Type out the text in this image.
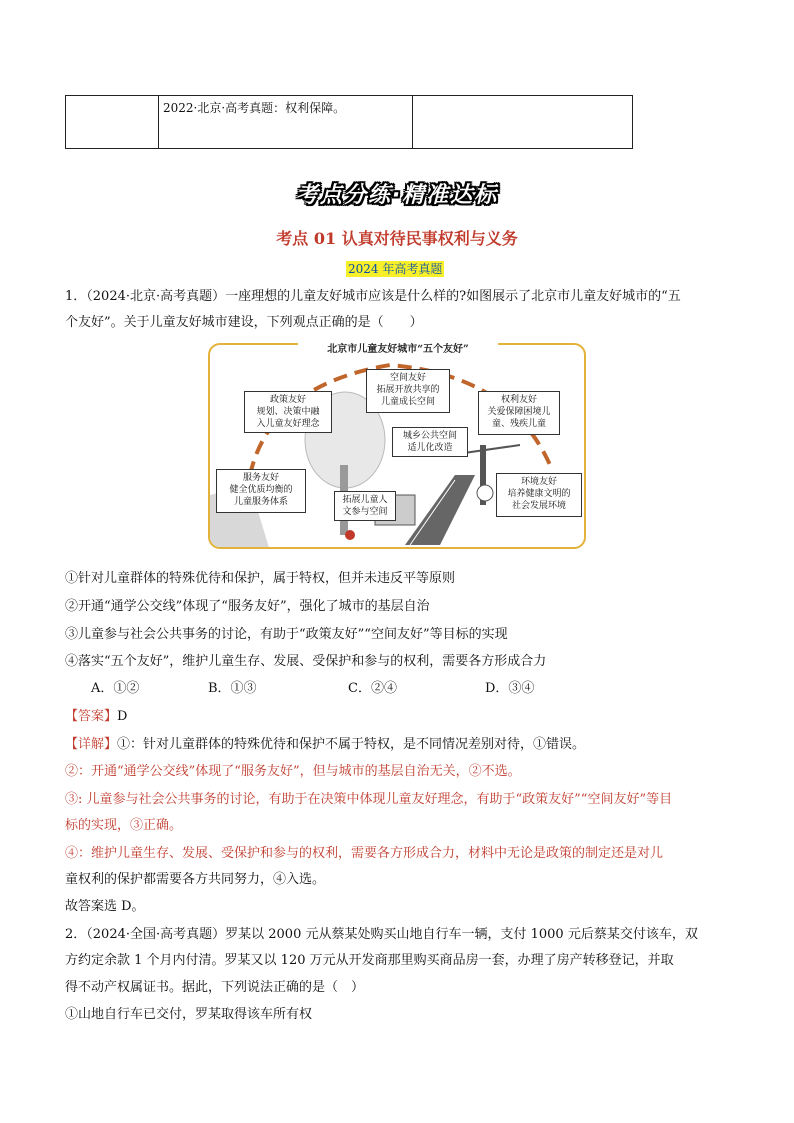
2022·北京·高考真题：权利保障。
考点分练·精准达标
考点 01 认真对待民事权利与义务
2024 年高考真题
1．（2024·北京·高考真题）一座理想的儿童友好城市应该是什么样的?如图展示了北京市儿童友好城市的“五
个友好”。关于儿童友好城市建设，下列观点正确的是（　　）
政策友好
规划、决策中融
入儿童友好理念
空间友好
拓展开放共享的
儿童成长空间	权利友好
关爱保障困境儿
童、残疾儿童
城乡公共空间
适儿化改造
服务友好
健全优质均衡的
儿童服务体系	拓展儿童人
文参与空间
环境友好
培养健康文明的
社会发展环境
北京市儿童友好城市“五个友好”
①针对儿童群体的特殊优待和保护，属于特权，但并未违反平等原则
②开通“通学公交线”体现了“服务友好”，强化了城市的基层自治
③儿童参与社会公共事务的讨论，有助于“政策友好”“空间友好”等目标的实现
④落实“五个友好”，维护儿童生存、发展、受保护和参与的权利，需要各方形成合力
A．①②	B．①③	C．②④	D．③④
【答案】D
【详解】①：针对儿童群体的特殊优待和保护不属于特权，是不同情况差别对待，①错误。
②：开通“通学公交线”体现了“服务友好”，但与城市的基层自治无关，②不选。
③: 儿童参与社会公共事务的讨论，有助于在决策中体现儿童友好理念，有助于“政策友好”“空间友好”等目
标的实现，③正确。
④：维护儿童生存、发展、受保护和参与的权利，需要各方形成合力，材料中无论是政策的制定还是对儿
童权利的保护都需要各方共同努力，④入选。
故答案选 D。
2．（2024·全国·高考真题）罗某以 2000 元从蔡某处购买山地自行车一辆，支付 1000 元后蔡某交付该车，双
方约定余款 1 个月内付清。罗某又以 120 万元从开发商那里购买商品房一套，办理了房产转移登记，并取
得不动产权属证书。据此，下列说法正确的是（　）
①山地自行车已交付，罗某取得该车所有权
